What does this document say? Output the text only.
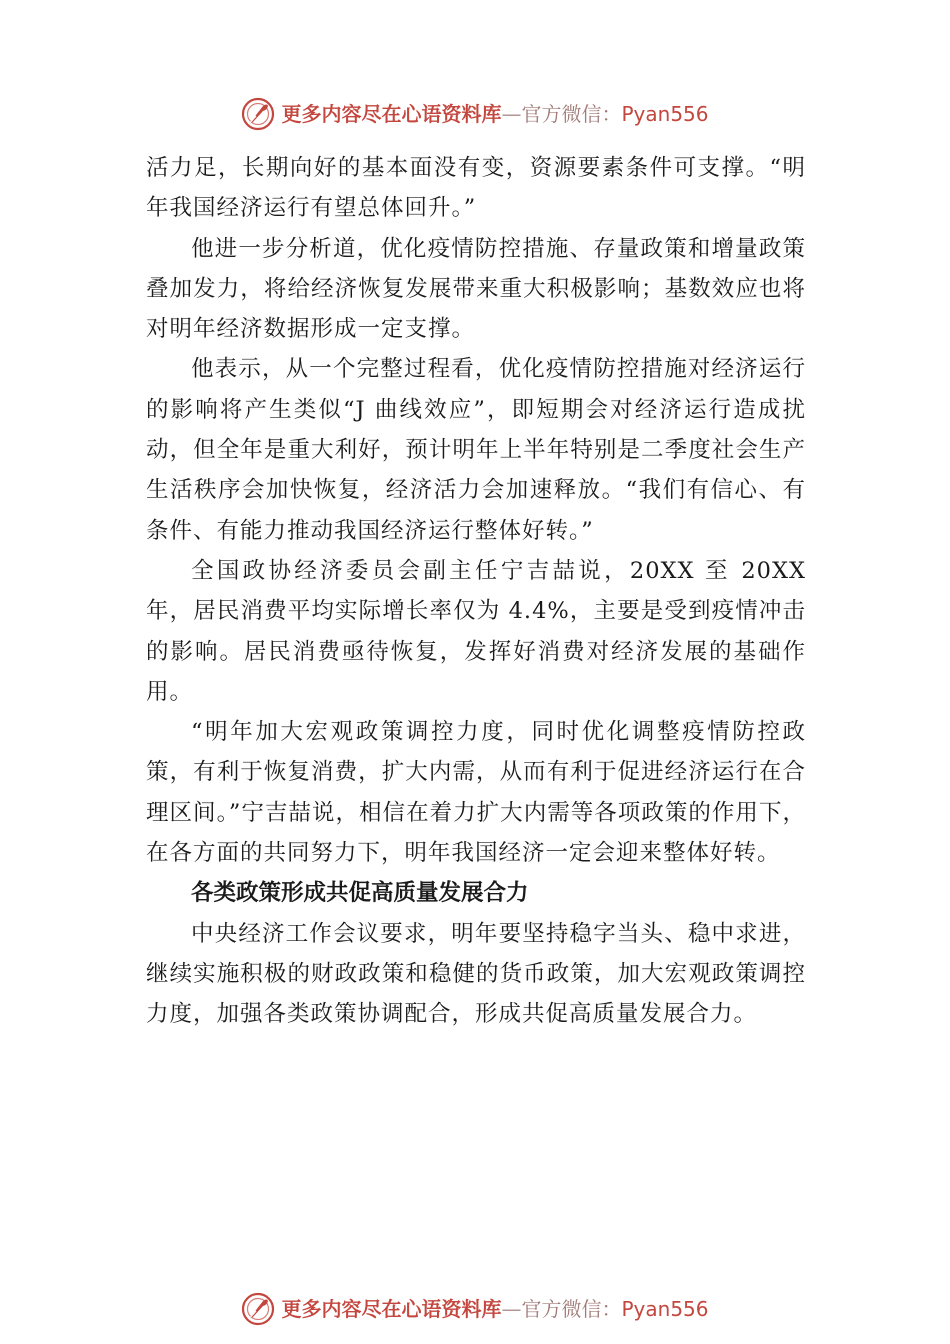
更多内容尽在心语资料库—官方微信：Pyan556

活力足，长期向好的基本面没有变，资源要素条件可支撑。“明年我国经济运行有望总体回升。”

他进一步分析道，优化疫情防控措施、存量政策和增量政策叠加发力，将给经济恢复发展带来重大积极影响；基数效应也将对明年经济数据形成一定支撑。

他表示，从一个完整过程看，优化疫情防控措施对经济运行的影响将产生类似“J 曲线效应”，即短期会对经济运行造成扰动，但全年是重大利好，预计明年上半年特别是二季度社会生产生活秩序会加快恢复，经济活力会加速释放。“我们有信心、有条件、有能力推动我国经济运行整体好转。”

全国政协经济委员会副主任宁吉喆说，20XX 至 20XX 年，居民消费平均实际增长率仅为 4.4%，主要是受到疫情冲击的影响。居民消费亟待恢复，发挥好消费对经济发展的基础作用。

“明年加大宏观政策调控力度，同时优化调整疫情防控政策，有利于恢复消费，扩大内需，从而有利于促进经济运行在合理区间。”宁吉喆说，相信在着力扩大内需等各项政策的作用下，在各方面的共同努力下，明年我国经济一定会迎来整体好转。

各类政策形成共促高质量发展合力

中央经济工作会议要求，明年要坚持稳字当头、稳中求进，继续实施积极的财政政策和稳健的货币政策，加大宏观政策调控力度，加强各类政策协调配合，形成共促高质量发展合力。

更多内容尽在心语资料库—官方微信：Pyan556
